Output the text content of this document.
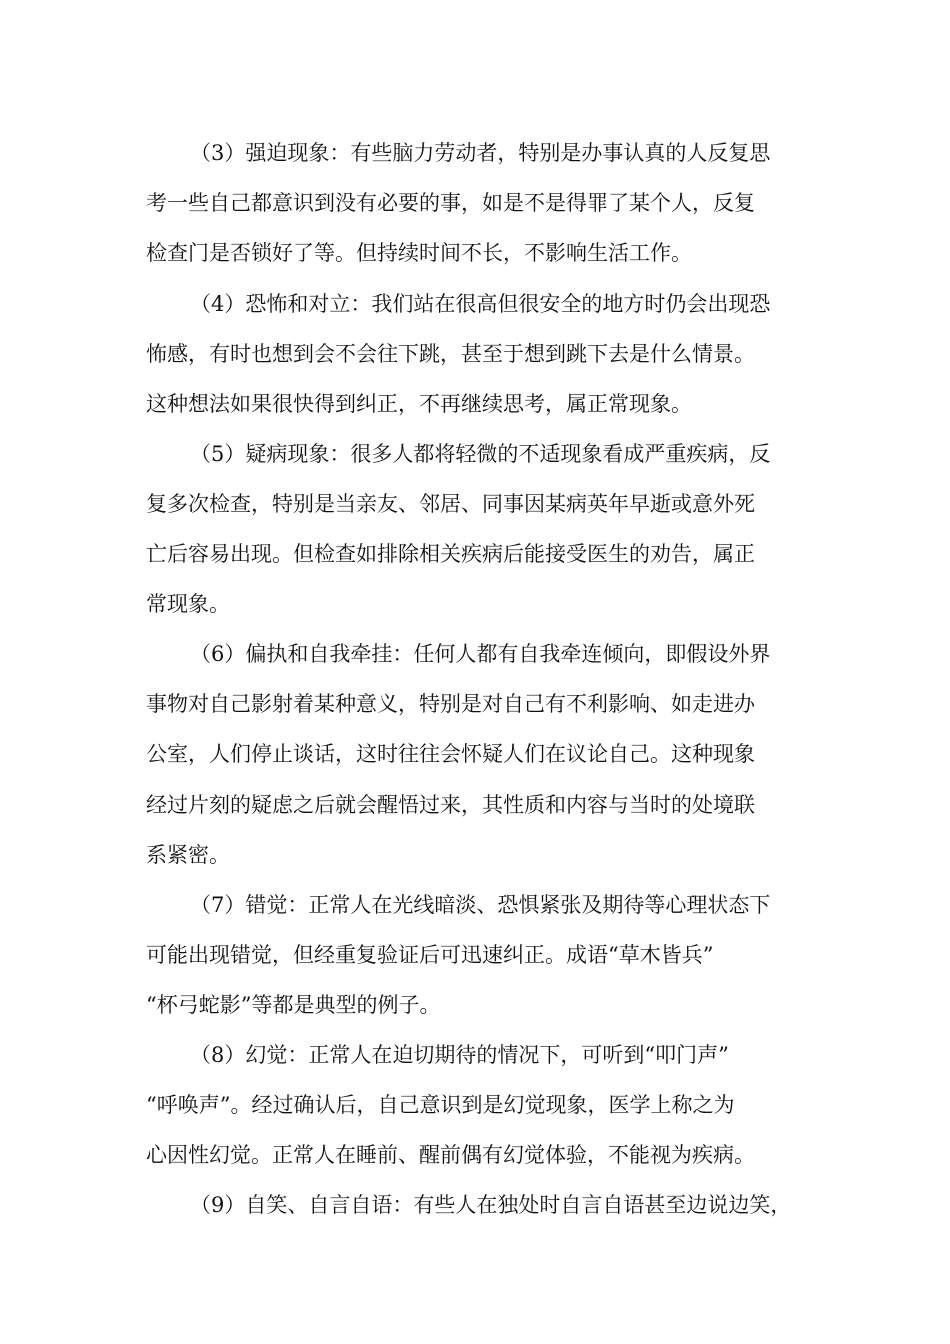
（3）强迫现象：有些脑力劳动者，特别是办事认真的人反复思
考一些自己都意识到没有必要的事，如是不是得罪了某个人，反复
检查门是否锁好了等。但持续时间不长，不影响生活工作。
（4）恐怖和对立：我们站在很高但很安全的地方时仍会出现恐
怖感，有时也想到会不会往下跳，甚至于想到跳下去是什么情景。
这种想法如果很快得到纠正，不再继续思考，属正常现象。
（5）疑病现象：很多人都将轻微的不适现象看成严重疾病，反
复多次检查，特别是当亲友、邻居、同事因某病英年早逝或意外死
亡后容易出现。但检查如排除相关疾病后能接受医生的劝告，属正
常现象。
（6）偏执和自我牵挂：任何人都有自我牵连倾向，即假设外界
事物对自己影射着某种意义，特别是对自己有不利影响、如走进办
公室，人们停止谈话，这时往往会怀疑人们在议论自己。这种现象
经过片刻的疑虑之后就会醒悟过来，其性质和内容与当时的处境联
系紧密。
（7）错觉：正常人在光线暗淡、恐惧紧张及期待等心理状态下
可能出现错觉，但经重复验证后可迅速纠正。成语“草木皆兵”
“杯弓蛇影”等都是典型的例子。
（8）幻觉：正常人在迫切期待的情况下，可听到“叩门声”
“呼唤声”。经过确认后，自己意识到是幻觉现象，医学上称之为
心因性幻觉。正常人在睡前、醒前偶有幻觉体验，不能视为疾病。
（9）自笑、自言自语：有些人在独处时自言自语甚至边说边笑，
